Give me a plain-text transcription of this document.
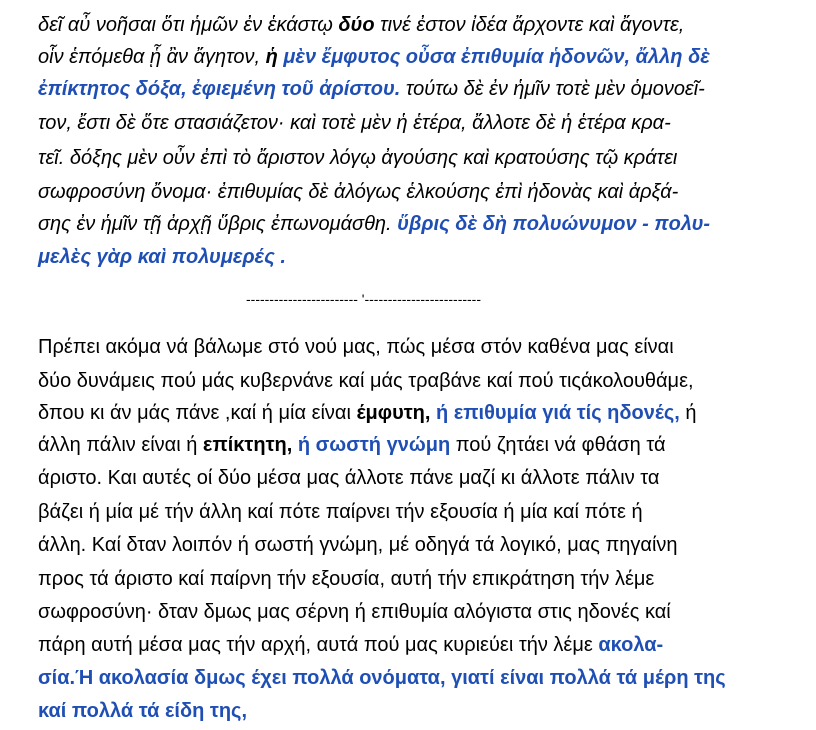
δεῖ αὖ νοῆσαι ὅτι ἡμῶν ἐν ἑκάστῳ δύο τινέ ἐστον ἰδέα ἄρχοντε καὶ ἄγοντε,
οἷν ἑπόμεθα ᾗ ἂν ἄγητον, ἡ μὲν ἔμφυτος οὖσα ἐπιθυμία ἡδονῶν, ἄλλη δὲ
ἐπίκτητος δόξα, ἐφιεμένη τοῦ ἀρίστου. τούτω δὲ ἐν ἡμῖν τοτὲ μὲν ὁμονοεῖ-
τον, ἔστι δὲ ὅτε στασιάζετον· καὶ τοτὲ μὲν ἡ ἑτέρα, ἄλλοτε δὲ ἡ ἑτέρα κρα-
τεῖ. δόξης μὲν οὖν ἐπὶ τὸ ἄριστον λόγῳ ἀγούσης καὶ κρατούσης τῷ κράτει
σωφροσύνη ὄνομα· ἐπιθυμίας δὲ ἀλόγως ἑλκούσης ἐπὶ ἡδονὰς καὶ ἀρξά-
σης ἐν ἡμῖν τῇ ἀρχῇ ὕβρις ἐπωνομάσθη. ὕβρις δὲ δὴ πολυώνυμον - πολυ-
μελὲς γὰρ καὶ πολυμερές .
------------------------ '-------------------------
Πρέπει ακόμα νά βάλωμε στό νού μας, πώς μέσα στόν καθένα μας είναι
δύο δυνάμεις πού μάς κυβερνάνε καί μάς τραβάνε καί πού τιςάκολουθάμε,
δπου κι άν μάς πάνε ,καί ή μία είναι έμφυτη, ή επιθυμία γιά τίς ηδονές, ή
άλλη πάλιν είναι ή επίκτητη, ή σωστή γνώμη πού ζητάει νά φθάση τά
άριστο. Και αυτές οί δύο μέσα μας άλλοτε πάνε μαζί κι άλλοτε πάλιν τα
βάζει ή μία μέ τήν άλλη καί πότε παίρνει τήν εξουσία ή μία καί πότε ή
άλλη. Καί δταν λοιπόν ή σωστή γνώμη, μέ οδηγά τά λογικό, μας πηγαίνη
προς τά άριστο καί παίρνη τήν εξουσία, αυτή τήν επικράτηση τήν λέμε
σωφροσύνη· δταν δμως μας σέρνη ή επιθυμία αλόγιστα στις ηδονές καί
πάρη αυτή μέσα μας τήν αρχή, αυτά πού μας κυριεύει τήν λέμε ακολα-
σία.Ή ακολασία δμως έχει πολλά ονόματα, γιατί είναι πολλά τά μέρη της
καί πολλά τά είδη της,
